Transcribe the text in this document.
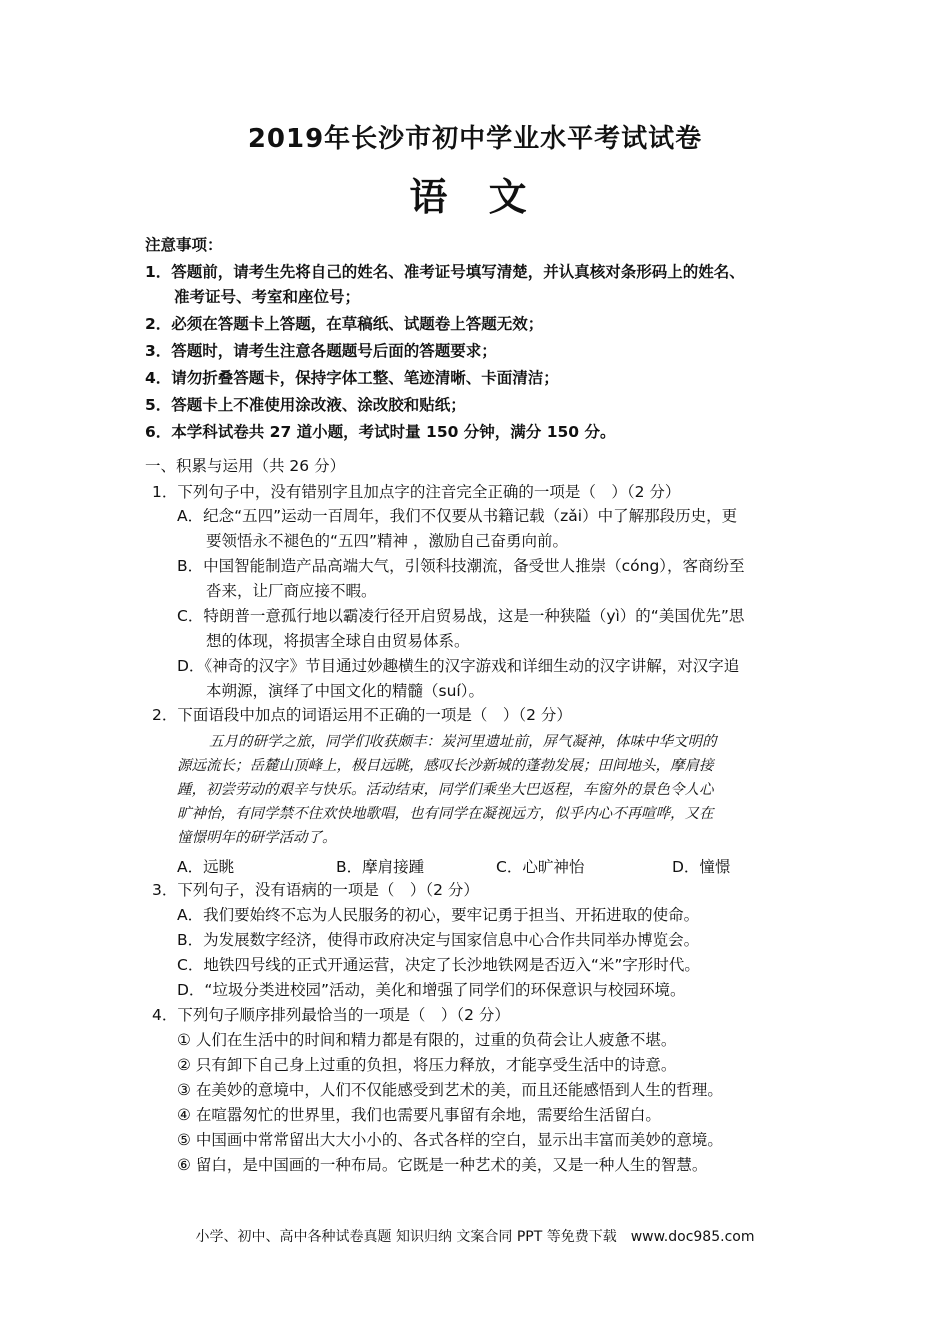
2019年长沙市初中学业水平考试试卷
语 文
注意事项：
1．答题前，请考生先将自己的姓名、准考证号填写清楚，并认真核对条形码上的姓名、
准考证号、考室和座位号；
2．必须在答题卡上答题，在草稿纸、试题卷上答题无效；
3．答题时，请考生注意各题题号后面的答题要求；
4．请勿折叠答题卡，保持字体工整、笔迹清晰、卡面清洁；
5．答题卡上不准使用涂改液、涂改胶和贴纸；
6．本学科试卷共 27 道小题，考试时量 150 分钟，满分 150 分。
一、积累与运用（共 26 分）
1．下列句子中，没有错别字且加点字的注音完全正确的一项是（　）（2 分）
A．纪念“五四”运动一百周年，我们不仅要从书籍记载（zǎi）中了解那段历史，更
要领悟永不褪色的“五四”精神 ，激励自己奋勇向前。
B．中国智能制造产品高端大气，引领科技潮流，备受世人推崇（cóng），客商纷至
沓来，让厂商应接不暇。
C．特朗普一意孤行地以霸凌行径开启贸易战，这是一种狭隘（yì）的“美国优先”思
想的体现，将损害全球自由贸易体系。
D．《神奇的汉字》节目通过妙趣横生的汉字游戏和详细生动的汉字讲解，对汉字追
本朔源，演绎了中国文化的精髓（suí）。
2．下面语段中加点的词语运用不正确的一项是（　）（2 分）
五月的研学之旅，同学们收获颇丰：炭河里遗址前，屏气凝神，体味中华文明的
源远流长；岳麓山顶峰上，极目远眺，感叹长沙新城的蓬勃发展；田间地头，摩肩接
踵，初尝劳动的艰辛与快乐。活动结束，同学们乘坐大巴返程，车窗外的景色令人心
旷神怡，有同学禁不住欢快地歌唱，也有同学在凝视远方，似乎内心不再喧哗，又在
憧憬明年的研学活动了。
A．远眺	B．摩肩接踵	C．心旷神怡	D．憧憬
3．下列句子，没有语病的一项是（　）（2 分）
A．我们要始终不忘为人民服务的初心，要牢记勇于担当、开拓进取的使命。
B．为发展数字经济，使得市政府决定与国家信息中心合作共同举办博览会。
C．地铁四号线的正式开通运营，决定了长沙地铁网是否迈入“米”字形时代。
D．“垃圾分类进校园”活动，美化和增强了同学们的环保意识与校园环境。
4．下列句子顺序排列最恰当的一项是（　）（2 分）
① 人们在生活中的时间和精力都是有限的，过重的负荷会让人疲惫不堪。
② 只有卸下自己身上过重的负担，将压力释放，才能享受生活中的诗意。
③ 在美妙的意境中，人们不仅能感受到艺术的美，而且还能感悟到人生的哲理。
④ 在喧嚣匆忙的世界里，我们也需要凡事留有余地，需要给生活留白。
⑤ 中国画中常常留出大大小小的、各式各样的空白，显示出丰富而美妙的意境。
⑥ 留白，是中国画的一种布局。它既是一种艺术的美，又是一种人生的智慧。
小学、初中、高中各种试卷真题 知识归纳 文案合同 PPT 等免费下载　www.doc985.com
